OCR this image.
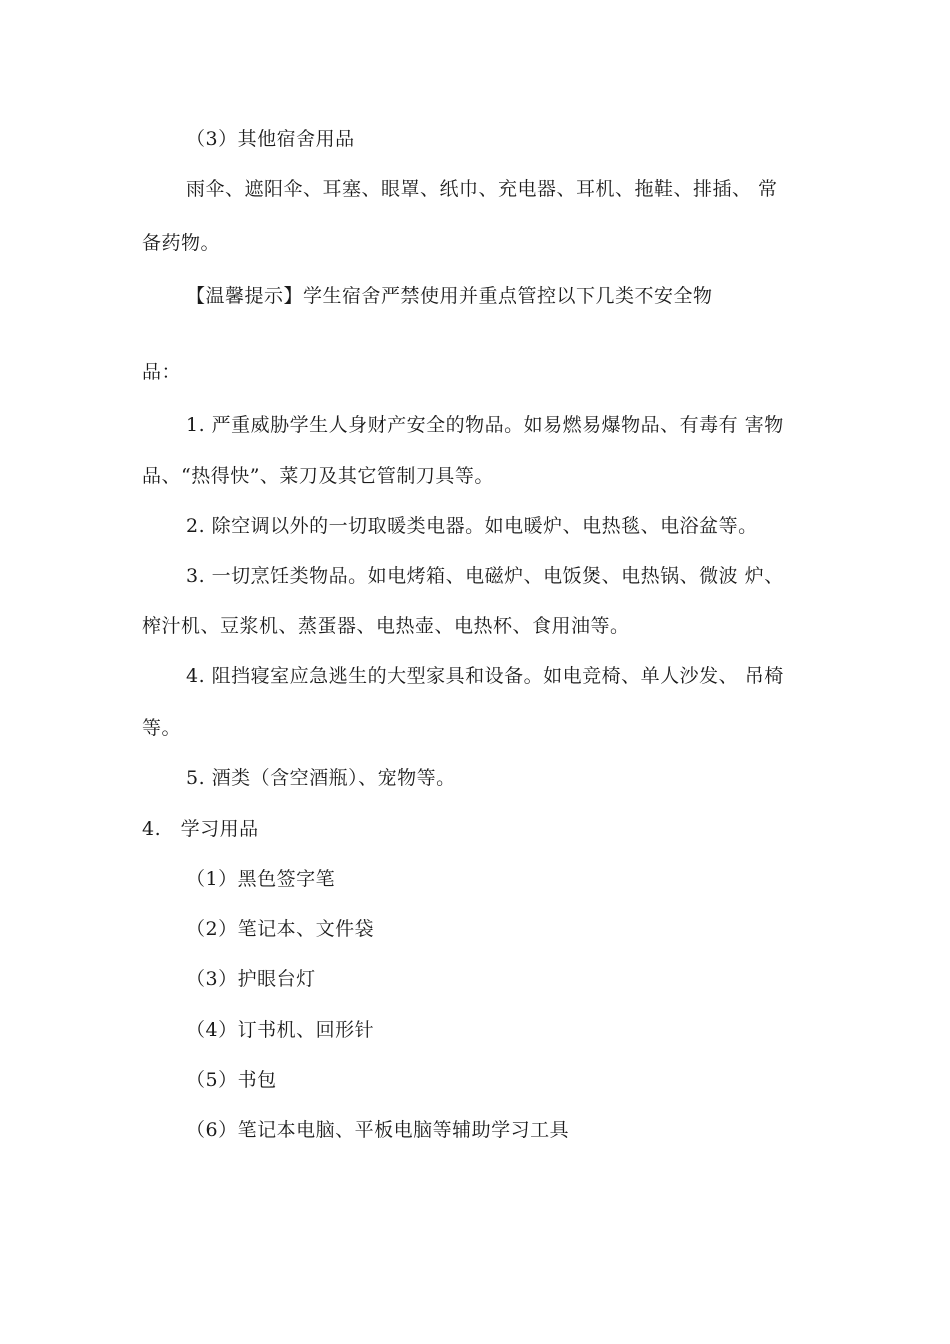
（3）其他宿舍用品
雨伞、遮阳伞、耳塞、眼罩、纸巾、充电器、耳机、拖鞋、排插、 常
备药物。
【温馨提示】学生宿舍严禁使用并重点管控以下几类不安全物
品：
1. 严重威胁学生人身财产安全的物品。如易燃易爆物品、有毒有 害物
品、“热得快”、菜刀及其它管制刀具等。
2. 除空调以外的一切取暖类电器。如电暖炉、电热毯、电浴盆等。
3. 一切烹饪类物品。如电烤箱、电磁炉、电饭煲、电热锅、微波 炉、
榨汁机、豆浆机、蒸蛋器、电热壶、电热杯、食用油等。
4. 阻挡寝室应急逃生的大型家具和设备。如电竞椅、单人沙发、 吊椅
等。
5. 酒类（含空酒瓶）、宠物等。
4.　学习用品
（1）黑色签字笔
（2）笔记本、文件袋
（3）护眼台灯
（4）订书机、回形针
（5）书包
（6）笔记本电脑、平板电脑等辅助学习工具
